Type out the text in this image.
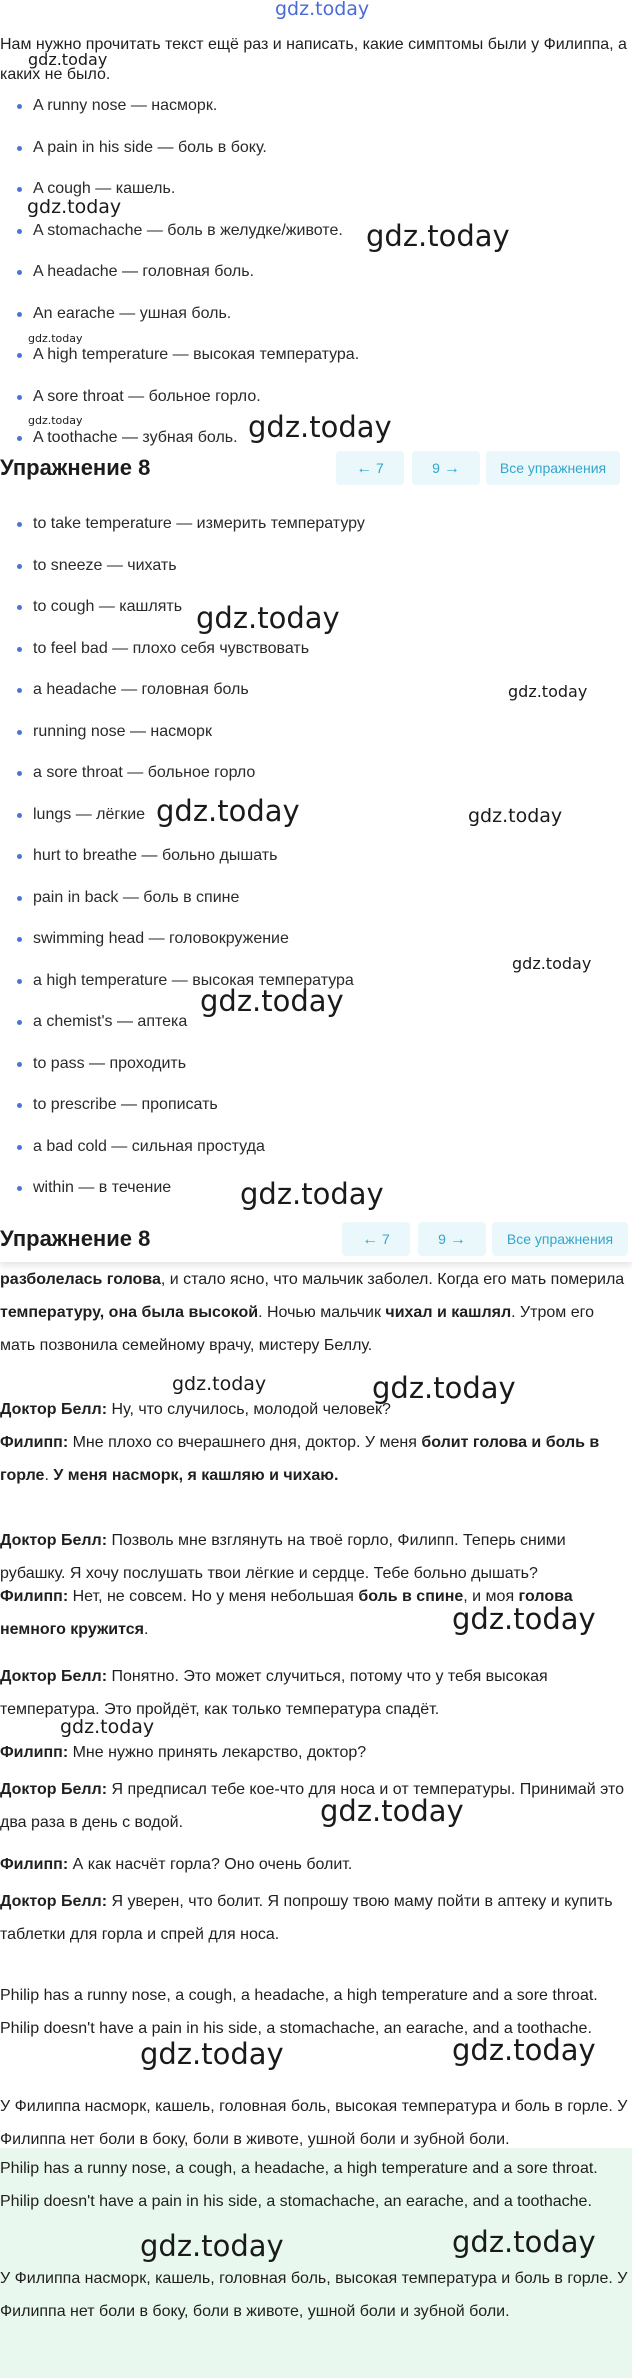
gdz.today

Нам нужно прочитать текст ещё раз и написать, какие симптомы были у Филиппа, а каких не было.

A runny nose — насморк.
A pain in his side — боль в боку.
A cough — кашель.
A stomachache — боль в желудке/животе.
A headache — головная боль.
An earache — ушная боль.
A high temperature — высокая температура.
A sore throat — больное горло.
A toothache — зубная боль.
Упражнение 8	← 7	9 →	Все упражнения
to take temperature — измерить температуру
to sneeze — чихать
to cough — кашлять
to feel bad — плохо себя чувствовать
a headache — головная боль
running nose — насморк
a sore throat — больное горло
lungs — лёгкие
hurt to breathe — больно дышать
pain in back — боль в спине
swimming head — головокружение
a high temperature — высокая температура
a chemist's — аптека
to pass — проходить
to prescribe — прописать
a bad cold — сильная простуда
within — в течение
разболелась голова, и стало ясно, что мальчик заболел. Когда его мать померила температуру, она была высокой. Ночью мальчик чихал и кашлял. Утром его мать позвонила семейному врачу, мистеру Беллу.
Доктор Белл: Ну, что случилось, молодой человек?
Филипп: Мне плохо со вчерашнего дня, доктор. У меня болит голова и боль в горле. У меня насморк, я кашляю и чихаю.
Доктор Белл: Позволь мне взглянуть на твоё горло, Филипп. Теперь сними рубашку. Я хочу послушать твои лёгкие и сердце. Тебе больно дышать?
Филипп: Нет, не совсем. Но у меня небольшая боль в спине, и моя голова немного кружится.
Доктор Белл: Понятно. Это может случиться, потому что у тебя высокая температура. Это пройдёт, как только температура спадёт.
Филипп: Мне нужно принять лекарство, доктор?
Доктор Белл: Я предписал тебе кое-что для носа и от температуры. Принимай это два раза в день с водой.
Филипп: А как насчёт горла? Оно очень болит.
Доктор Белл: Я уверен, что болит. Я попрошу твою маму пойти в аптеку и купить таблетки для горла и спрей для носа.
Philip has a runny nose, a cough, a headache, a high temperature and a sore throat. Philip doesn't have a pain in his side, a stomachache, an earache, and a toothache.
У Филиппа насморк, кашель, головная боль, высокая температура и боль в горле. У Филиппа нет боли в боку, боли в животе, ушной боли и зубной боли.
Philip has a runny nose, a cough, a headache, a high temperature and a sore throat. Philip doesn't have a pain in his side, a stomachache, an earache, and a toothache.
У Филиппа насморк, кашель, головная боль, высокая температура и боль в горле. У Филиппа нет боли в боку, боли в животе, ушной боли и зубной боли.
Упражнение 8	← 7	9 →	Все упражнения
gdz.today
gdz.today
gdz.today
gdz.today
gdz.today	gdz.today
gdz.today
gdz.today
gdz.today	gdz.today
gdz.today
gdz.today
gdz.today
gdz.today	gdz.today
gdz.today
gdz.today
gdz.today
gdz.today	gdz.today
gdz.today	gdz.today
